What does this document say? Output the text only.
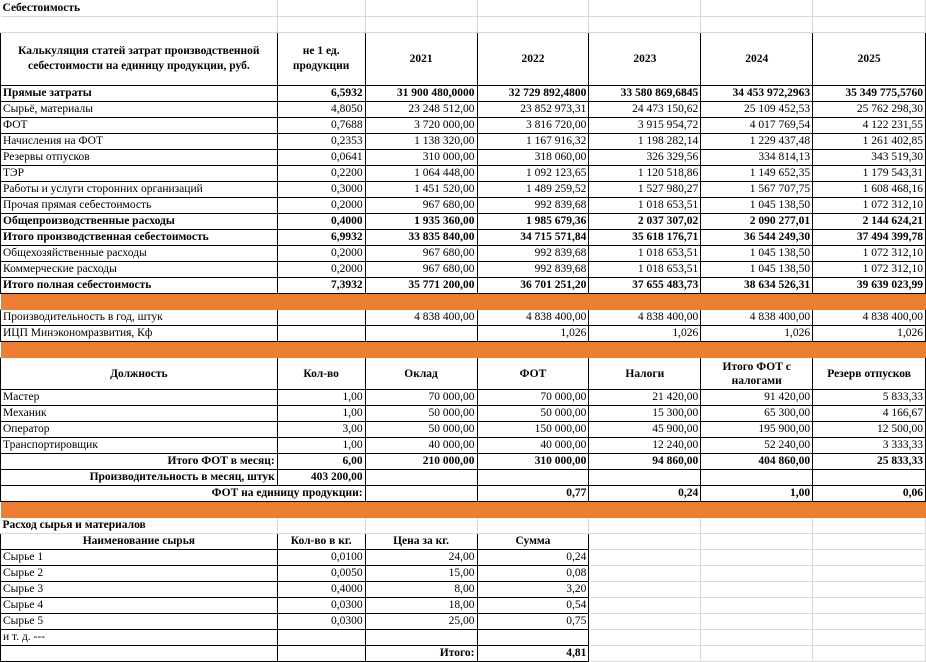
Себестоимость						

Калькуляция статей затрат производственной себестоимости на единицу продукции, руб.	не 1 ед. продукции	2021	2022	2023	2024	2025
Прямые затраты	6,5932	31 900 480,0000	32 729 892,4800	33 580 869,6845	34 453 972,2963	35 349 775,5760
Сырьё, материалы	4,8050	23 248 512,00	23 852 973,31	24 473 150,62	25 109 452,53	25 762 298,30
ФОТ	0,7688	3 720 000,00	3 816 720,00	3 915 954,72	4 017 769,54	4 122 231,55
Начисления на ФОТ	0,2353	1 138 320,00	1 167 916,32	1 198 282,14	1 229 437,48	1 261 402,85
Резервы отпусков	0,0641	310 000,00	318 060,00	326 329,56	334 814,13	343 519,30
ТЭР	0,2200	1 064 448,00	1 092 123,65	1 120 518,86	1 149 652,35	1 179 543,31
Работы и услуги сторонних организаций	0,3000	1 451 520,00	1 489 259,52	1 527 980,27	1 567 707,75	1 608 468,16
Прочая прямая себестоимость	0,2000	967 680,00	992 839,68	1 018 653,51	1 045 138,50	1 072 312,10
Общепроизводственные расходы	0,4000	1 935 360,00	1 985 679,36	2 037 307,02	2 090 277,01	2 144 624,21
Итого производственная себестоимость	6,9932	33 835 840,00	34 715 571,84	35 618 176,71	36 544 249,30	37 494 399,78
Общехозяйственные расходы	0,2000	967 680,00	992 839,68	1 018 653,51	1 045 138,50	1 072 312,10
Коммерческие расходы	0,2000	967 680,00	992 839,68	1 018 653,51	1 045 138,50	1 072 312,10
Итого полная себестоимость	7,3932	35 771 200,00	36 701 251,20	37 655 483,73	38 634 526,31	39 639 023,99

Производительность в год, штук		4 838 400,00	4 838 400,00	4 838 400,00	4 838 400,00	4 838 400,00
ИЦП Минэкономразвития, Кф			1,026	1,026	1,026	1,026

Должность	Кол-во	Оклад	ФОТ	Налоги	Итого ФОТ с налогами	Резерв отпусков
Мастер	1,00	70 000,00	70 000,00	21 420,00	91 420,00	5 833,33
Механик	1,00	50 000,00	50 000,00	15 300,00	65 300,00	4 166,67
Оператор	3,00	50 000,00	150 000,00	45 900,00	195 900,00	12 500,00
Транспортировщик	1,00	40 000,00	40 000,00	12 240,00	52 240,00	3 333,33
Итого ФОТ в месяц:	6,00	210 000,00	310 000,00	94 860,00	404 860,00	25 833,33
Производительность в месяц, штук	403 200,00					
ФОТ на единицу продукции:			0,77	0,24	1,00	0,06

Расход сырья и материалов						
Наименование сырья	Кол-во в кг.	Цена за кг.	Сумма			
Сырье 1	0,0100	24,00	0,24			
Сырье 2	0,0050	15,00	0,08			
Сырье 3	0,4000	8,00	3,20			
Сырье 4	0,0300	18,00	0,54			
Сырье 5	0,0300	25,00	0,75			
и т. д. ---						
		Итого:	4,81			
